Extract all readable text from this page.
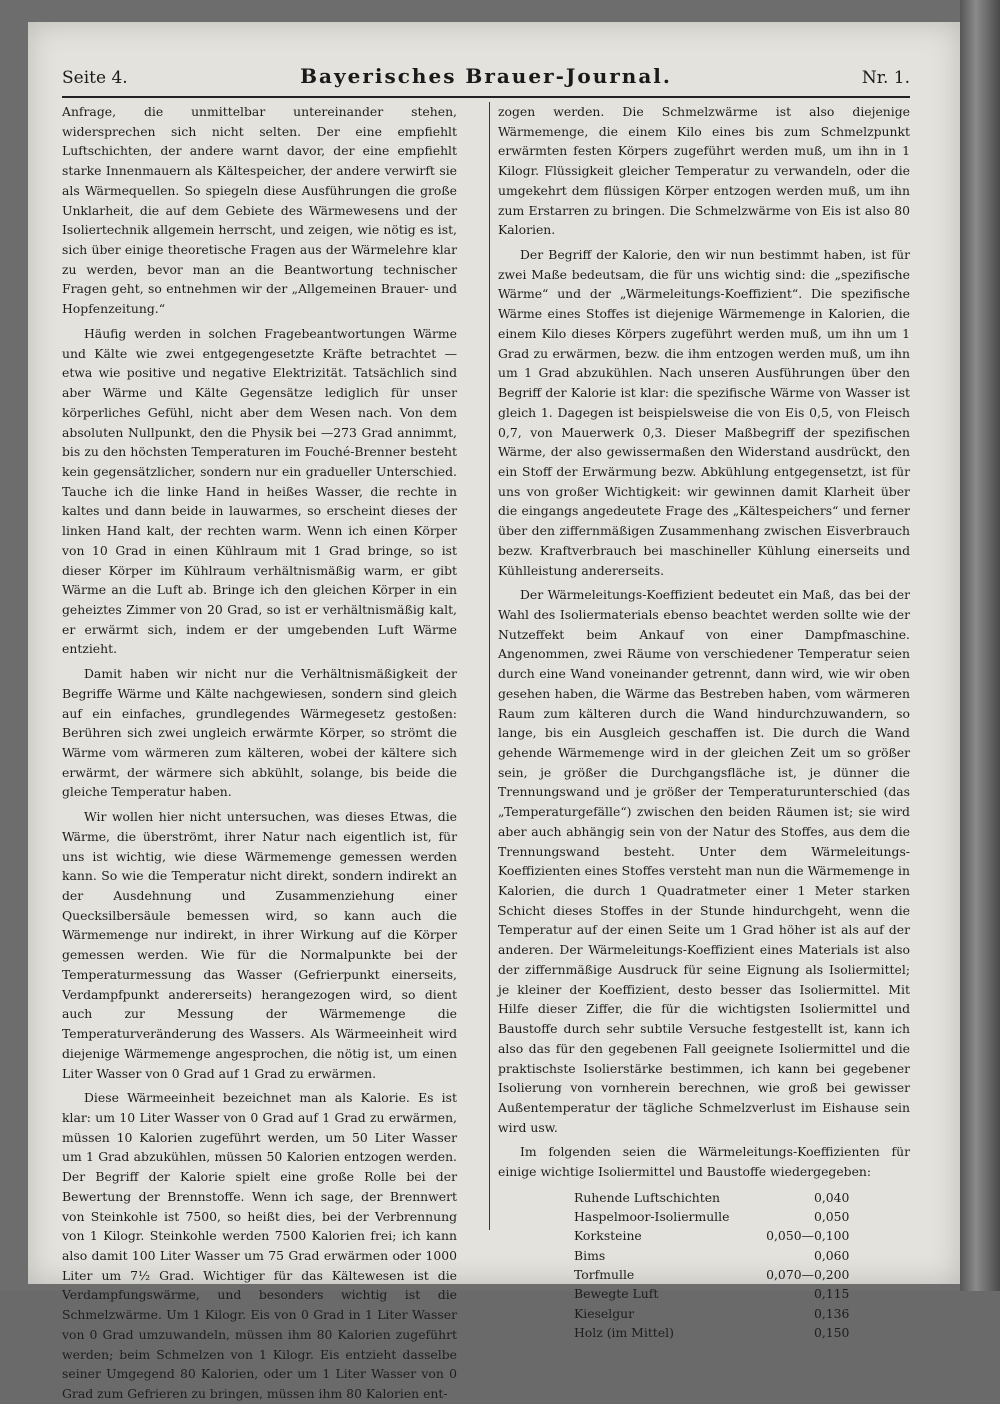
Seite 4.	Bayerisches Brauer-Journal.	Nr. 1.

Anfrage, die unmittelbar untereinander stehen, widersprechen sich nicht selten. Der eine empfiehlt Luftschichten, der andere warnt davor, der eine empfiehlt starke Innenmauern als Kältespeicher, der andere verwirft sie als Wärmequellen. So spiegeln diese Ausführungen die große Unklarheit, die auf dem Gebiete des Wärmewesens und der Isoliertechnik allgemein herrscht, und zeigen, wie nötig es ist, sich über einige theoretische Fragen aus der Wärmelehre klar zu werden, bevor man an die Beantwortung technischer Fragen geht, so entnehmen wir der „Allgemeinen Brauer- und Hopfenzeitung.“

Häufig werden in solchen Fragebeantwortungen Wärme und Kälte wie zwei entgegengesetzte Kräfte betrachtet — etwa wie positive und negative Elektrizität. Tatsächlich sind aber Wärme und Kälte Gegensätze lediglich für unser körperliches Gefühl, nicht aber dem Wesen nach. Von dem absoluten Nullpunkt, den die Physik bei —273 Grad annimmt, bis zu den höchsten Temperaturen im Fouché-Brenner besteht kein gegensätzlicher, sondern nur ein gradueller Unterschied. Tauche ich die linke Hand in heißes Wasser, die rechte in kaltes und dann beide in lauwarmes, so erscheint dieses der linken Hand kalt, der rechten warm. Wenn ich einen Körper von 10 Grad in einen Kühlraum mit 1 Grad bringe, so ist dieser Körper im Kühlraum verhältnismäßig warm, er gibt Wärme an die Luft ab. Bringe ich den gleichen Körper in ein geheiztes Zimmer von 20 Grad, so ist er verhältnismäßig kalt, er erwärmt sich, indem er der umgebenden Luft Wärme entzieht.

Damit haben wir nicht nur die Verhältnismäßigkeit der Begriffe Wärme und Kälte nachgewiesen, sondern sind gleich auf ein einfaches, grundlegendes Wärmegesetz gestoßen: Berühren sich zwei ungleich erwärmte Körper, so strömt die Wärme vom wärmeren zum kälteren, wobei der kältere sich erwärmt, der wärmere sich abkühlt, solange, bis beide die gleiche Temperatur haben.

Wir wollen hier nicht untersuchen, was dieses Etwas, die Wärme, die überströmt, ihrer Natur nach eigentlich ist, für uns ist wichtig, wie diese Wärmemenge gemessen werden kann. So wie die Temperatur nicht direkt, sondern indirekt an der Ausdehnung und Zusammenziehung einer Quecksilbersäule bemessen wird, so kann auch die Wärmemenge nur indirekt, in ihrer Wirkung auf die Körper gemessen werden. Wie für die Normalpunkte bei der Temperaturmessung das Wasser (Gefrierpunkt einerseits, Verdampfpunkt andererseits) herangezogen wird, so dient auch zur Messung der Wärmemenge die Temperaturveränderung des Wassers. Als Wärmeeinheit wird diejenige Wärmemenge angesprochen, die nötig ist, um einen Liter Wasser von 0 Grad auf 1 Grad zu erwärmen.

Diese Wärmeeinheit bezeichnet man als Kalorie. Es ist klar: um 10 Liter Wasser von 0 Grad auf 1 Grad zu erwärmen, müssen 10 Kalorien zugeführt werden, um 50 Liter Wasser um 1 Grad abzukühlen, müssen 50 Kalorien entzogen werden. Der Begriff der Kalorie spielt eine große Rolle bei der Bewertung der Brennstoffe. Wenn ich sage, der Brennwert von Steinkohle ist 7500, so heißt dies, bei der Verbrennung von 1 Kilogr. Steinkohle werden 7500 Kalorien frei; ich kann also damit 100 Liter Wasser um 75 Grad erwärmen oder 1000 Liter um 7½ Grad. Wichtiger für das Kältewesen ist die Verdampfungswärme, und besonders wichtig ist die Schmelzwärme. Um 1 Kilogr. Eis von 0 Grad in 1 Liter Wasser von 0 Grad umzuwandeln, müssen ihm 80 Kalorien zugeführt werden; beim Schmelzen von 1 Kilogr. Eis entzieht dasselbe seiner Umgegend 80 Kalorien, oder um 1 Liter Wasser von 0 Grad zum Gefrieren zu bringen, müssen ihm 80 Kalorien ent-

zogen werden. Die Schmelzwärme ist also diejenige Wärmemenge, die einem Kilo eines bis zum Schmelzpunkt erwärmten festen Körpers zugeführt werden muß, um ihn in 1 Kilogr. Flüssigkeit gleicher Temperatur zu verwandeln, oder die umgekehrt dem flüssigen Körper entzogen werden muß, um ihn zum Erstarren zu bringen. Die Schmelzwärme von Eis ist also 80 Kalorien.

Der Begriff der Kalorie, den wir nun bestimmt haben, ist für zwei Maße bedeutsam, die für uns wichtig sind: die „spezifische Wärme“ und der „Wärmeleitungs-Koeffizient“. Die spezifische Wärme eines Stoffes ist diejenige Wärmemenge in Kalorien, die einem Kilo dieses Körpers zugeführt werden muß, um ihn um 1 Grad zu erwärmen, bezw. die ihm entzogen werden muß, um ihn um 1 Grad abzukühlen. Nach unseren Ausführungen über den Begriff der Kalorie ist klar: die spezifische Wärme von Wasser ist gleich 1. Dagegen ist beispielsweise die von Eis 0,5, von Fleisch 0,7, von Mauerwerk 0,3. Dieser Maßbegriff der spezifischen Wärme, der also gewissermaßen den Widerstand ausdrückt, den ein Stoff der Erwärmung bezw. Abkühlung entgegensetzt, ist für uns von großer Wichtigkeit: wir gewinnen damit Klarheit über die eingangs angedeutete Frage des „Kältespeichers“ und ferner über den ziffernmäßigen Zusammenhang zwischen Eisverbrauch bezw. Kraftverbrauch bei maschineller Kühlung einerseits und Kühlleistung andererseits.

Der Wärmeleitungs-Koeffizient bedeutet ein Maß, das bei der Wahl des Isoliermaterials ebenso beachtet werden sollte wie der Nutzeffekt beim Ankauf von einer Dampfmaschine. Angenommen, zwei Räume von verschiedener Temperatur seien durch eine Wand voneinander getrennt, dann wird, wie wir oben gesehen haben, die Wärme das Bestreben haben, vom wärmeren Raum zum kälteren durch die Wand hindurchzuwandern, so lange, bis ein Ausgleich geschaffen ist. Die durch die Wand gehende Wärmemenge wird in der gleichen Zeit um so größer sein, je größer die Durchgangsfläche ist, je dünner die Trennungswand und je größer der Temperaturunterschied (das „Temperaturgefälle“) zwischen den beiden Räumen ist; sie wird aber auch abhängig sein von der Natur des Stoffes, aus dem die Trennungswand besteht. Unter dem Wärmeleitungs-Koeffizienten eines Stoffes versteht man nun die Wärmemenge in Kalorien, die durch 1 Quadratmeter einer 1 Meter starken Schicht dieses Stoffes in der Stunde hindurchgeht, wenn die Temperatur auf der einen Seite um 1 Grad höher ist als auf der anderen. Der Wärmeleitungs-Koeffizient eines Materials ist also der ziffernmäßige Ausdruck für seine Eignung als Isoliermittel; je kleiner der Koeffizient, desto besser das Isoliermittel. Mit Hilfe dieser Ziffer, die für die wichtigsten Isoliermittel und Baustoffe durch sehr subtile Versuche festgestellt ist, kann ich also das für den gegebenen Fall geeignete Isoliermittel und die praktischste Isolierstärke bestimmen, ich kann bei gegebener Isolierung von vornherein berechnen, wie groß bei gewisser Außentemperatur der tägliche Schmelzverlust im Eishause sein wird usw.

Im folgenden seien die Wärmeleitungs-Koeffizienten für einige wichtige Isoliermittel und Baustoffe wiedergegeben:

Ruhende Luftschichten	0,040
Haspelmoor-Isoliermulle	0,050
Korksteine	0,050—0,100
Bims	0,060
Torfmulle	0,070—0,200
Bewegte Luft	0,115
Kieselgur	0,136
Holz (im Mittel)	0,150
